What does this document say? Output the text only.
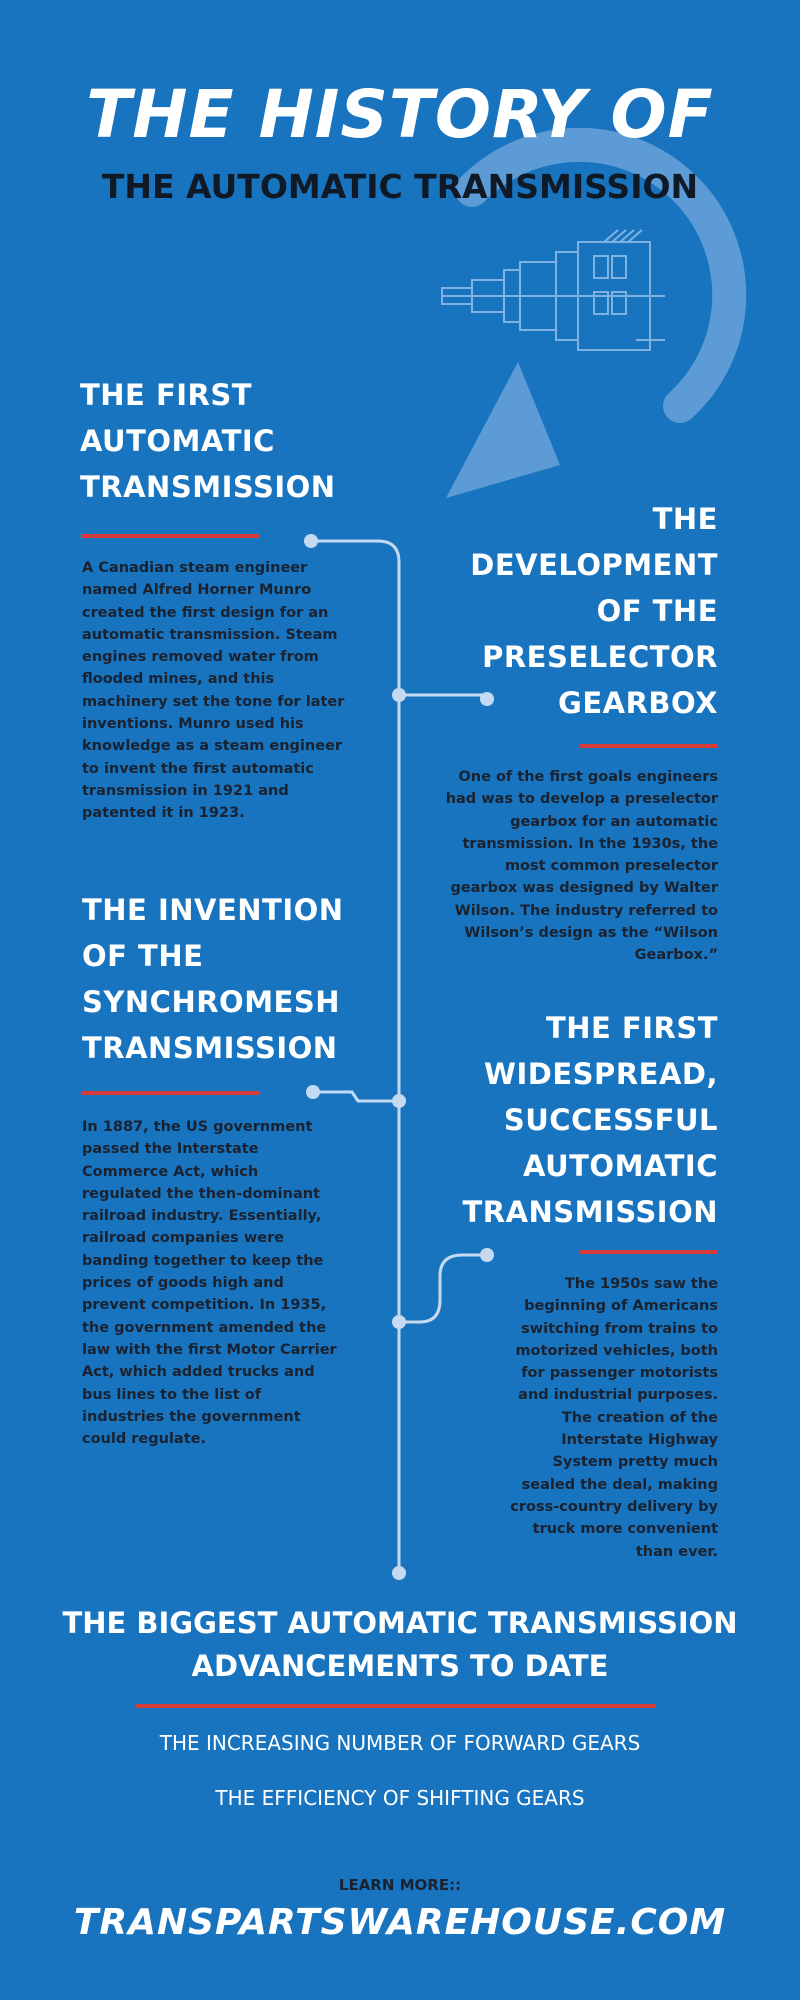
THE HISTORY OF
THE AUTOMATIC TRANSMISSION
THE FIRST
AUTOMATIC
TRANSMISSION
A Canadian steam engineer
named Alfred Horner Munro
created the first design for an
automatic transmission. Steam
engines removed water from
flooded mines, and this
machinery set the tone for later
inventions. Munro used his
knowledge as a steam engineer
to invent the first automatic
transmission in 1921 and
patented it in 1923.
THE
DEVELOPMENT
OF THE
PRESELECTOR
GEARBOX
One of the first goals engineers
had was to develop a preselector
gearbox for an automatic
transmission. In the 1930s, the
most common preselector
gearbox was designed by Walter
Wilson. The industry referred to
Wilson’s design as the “Wilson
Gearbox.”
THE INVENTION
OF THE
SYNCHROMESH
TRANSMISSION
In 1887, the US government
passed the Interstate
Commerce Act, which
regulated the then-dominant
railroad industry. Essentially,
railroad companies were
banding together to keep the
prices of goods high and
prevent competition. In 1935,
the government amended the
law with the first Motor Carrier
Act, which added trucks and
bus lines to the list of
industries the government
could regulate.
THE FIRST
WIDESPREAD,
SUCCESSFUL
AUTOMATIC
TRANSMISSION
The 1950s saw the
beginning of Americans
switching from trains to
motorized vehicles, both
for passenger motorists
and industrial purposes.
The creation of the
Interstate Highway
System pretty much
sealed the deal, making
cross-country delivery by
truck more convenient
than ever.
THE BIGGEST AUTOMATIC TRANSMISSION
ADVANCEMENTS TO DATE
THE INCREASING NUMBER OF FORWARD GEARS
THE EFFICIENCY OF SHIFTING GEARS
LEARN MORE::
TRANSPARTSWAREHOUSE.COM
